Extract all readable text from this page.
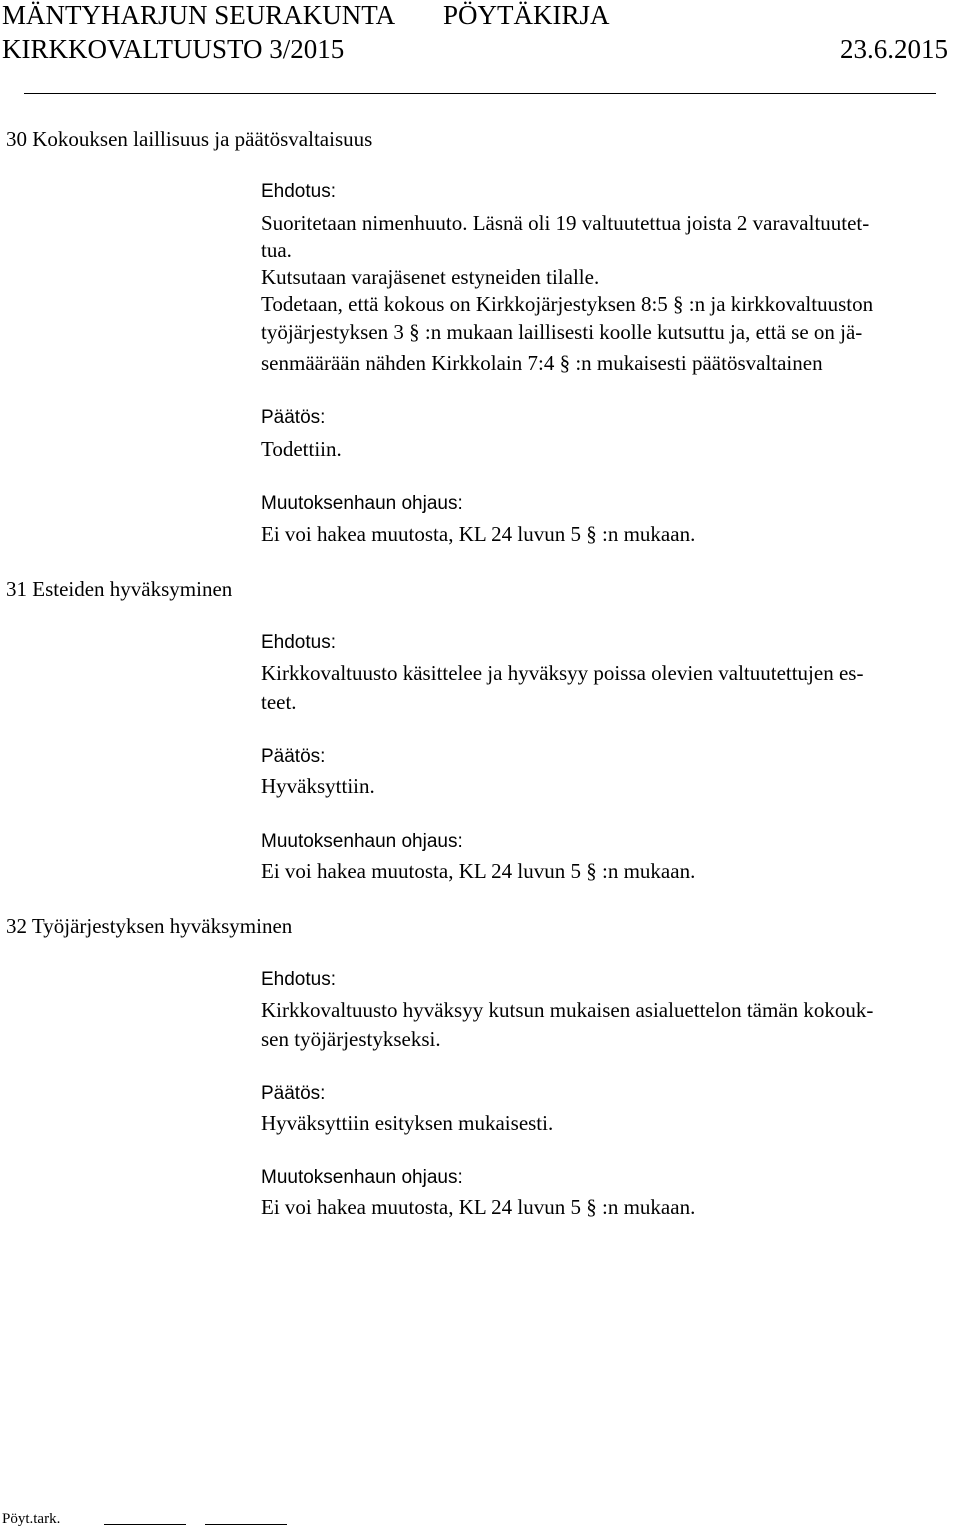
MÄNTYHARJUN SEURAKUNTA PÖYTÄKIRJA
KIRKKOVALTUUSTO 3/2015	23.6.2015
30 Kokouksen laillisuus ja päätösvaltaisuus
Ehdotus:
Suoritetaan nimenhuuto. Läsnä oli 19 valtuutettua joista 2 varavaltuutet-
tua.
Kutsutaan varajäsenet estyneiden tilalle.
Todetaan, että kokous on Kirkkojärjestyksen 8:5 § :n ja kirkkovaltuuston
työjärjestyksen 3 § :n mukaan laillisesti koolle kutsuttu ja, että se on jä-
senmäärään nähden Kirkkolain 7:4 § :n mukaisesti päätösvaltainen
Päätös:
Todettiin.
Muutoksenhaun ohjaus:
Ei voi hakea muutosta, KL 24 luvun 5 § :n mukaan.
31 Esteiden hyväksyminen
Ehdotus:
Kirkkovaltuusto käsittelee ja hyväksyy poissa olevien valtuutettujen es-
teet.
Päätös:
Hyväksyttiin.
Muutoksenhaun ohjaus:
Ei voi hakea muutosta, KL 24 luvun 5 § :n mukaan.
32 Työjärjestyksen hyväksyminen
Ehdotus:
Kirkkovaltuusto hyväksyy kutsun mukaisen asialuettelon tämän kokouk-
sen työjärjestykseksi.
Päätös:
Hyväksyttiin esityksen mukaisesti.
Muutoksenhaun ohjaus:
Ei voi hakea muutosta, KL 24 luvun 5 § :n mukaan.
Pöyt.tark.
